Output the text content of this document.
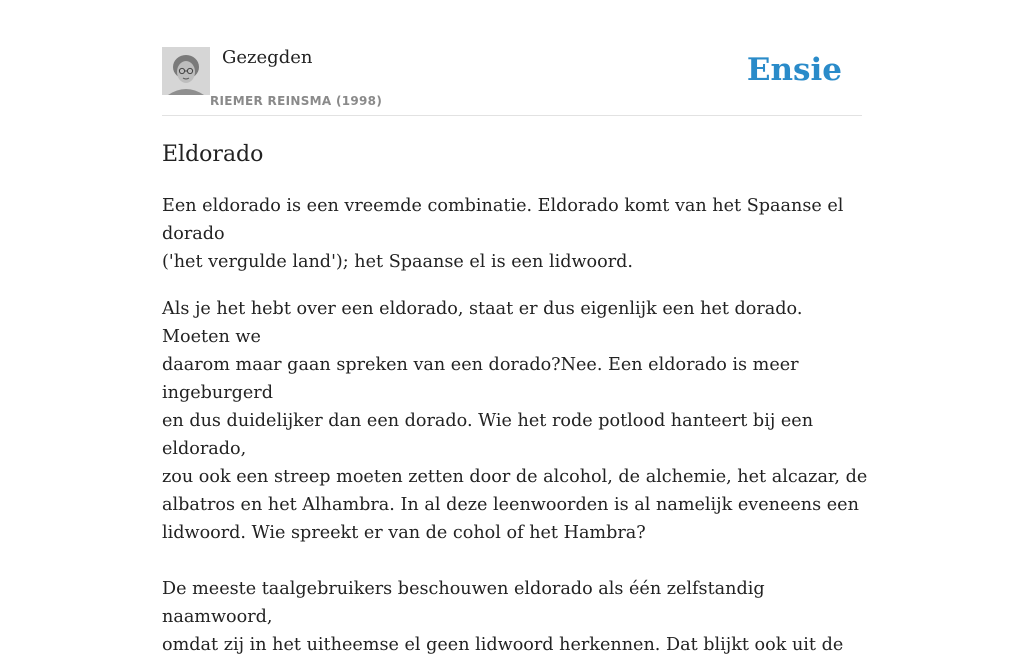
Gezegden
RIEMER REINSMA (1998)
Ensie
Eldorado

Een eldorado is een vreemde combinatie. Eldorado komt van het Spaanse el dorado
('het vergulde land'); het Spaanse el is een lidwoord.

Als je het hebt over een eldorado, staat er dus eigenlijk een het dorado. Moeten we
daarom maar gaan spreken van een dorado?Nee. Een eldorado is meer ingeburgerd
en dus duidelijker dan een dorado. Wie het rode potlood hanteert bij een eldorado,
zou ook een streep moeten zetten door de alcohol, de alchemie, het alcazar, de
albatros en het Alhambra. In al deze leenwoorden is al namelijk eveneens een
lidwoord. Wie spreekt er van de cohol of het Hambra?

De meeste taalgebruikers beschouwen eldorado als één zelfstandig naamwoord,
omdat zij in het uitheemse el geen lidwoord herkennen. Dat blijkt ook uit de
